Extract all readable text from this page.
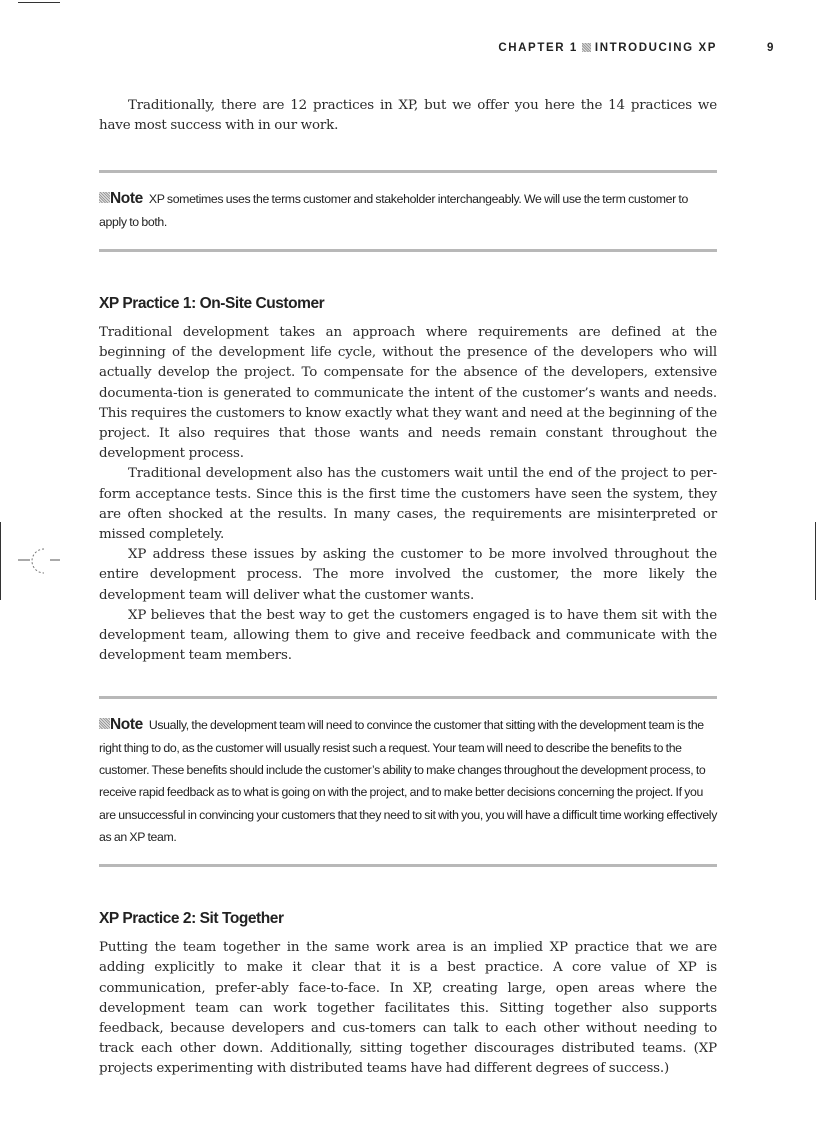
CHAPTER 1 INTRODUCING XP	9

Traditionally, there are 12 practices in XP, but we offer you here the 14 practices we have most success with in our work.

Note XP sometimes uses the terms customer and stakeholder interchangeably. We will use the term customer to apply to both.
XP Practice 1: On-Site Customer

Traditional development takes an approach where requirements are defined at the beginning of the development life cycle, without the presence of the developers who will actually develop the project. To compensate for the absence of the developers, extensive documenta-tion is generated to communicate the intent of the customer’s wants and needs. This requires the customers to know exactly what they want and need at the beginning of the project. It also requires that those wants and needs remain constant throughout the development process.

Traditional development also has the customers wait until the end of the project to per-form acceptance tests. Since this is the first time the customers have seen the system, they are often shocked at the results. In many cases, the requirements are misinterpreted or missed completely.

XP address these issues by asking the customer to be more involved throughout the entire development process. The more involved the customer, the more likely the development team will deliver what the customer wants.

XP believes that the best way to get the customers engaged is to have them sit with the development team, allowing them to give and receive feedback and communicate with the development team members.

Note Usually, the development team will need to convince the customer that sitting with the development team is the right thing to do, as the customer will usually resist such a request. Your team will need to describe the benefits to the customer. These benefits should include the customer’s ability to make changes throughout the development process, to receive rapid feedback as to what is going on with the project, and to make better decisions concerning the project. If you are unsuccessful in convincing your customers that they need to sit with you, you will have a difficult time working effectively as an XP team.
XP Practice 2: Sit Together

Putting the team together in the same work area is an implied XP practice that we are adding explicitly to make it clear that it is a best practice. A core value of XP is communication, prefer-ably face-to-face. In XP, creating large, open areas where the development team can work together facilitates this. Sitting together also supports feedback, because developers and cus-tomers can talk to each other without needing to track each other down. Additionally, sitting together discourages distributed teams. (XP projects experimenting with distributed teams have had different degrees of success.)
